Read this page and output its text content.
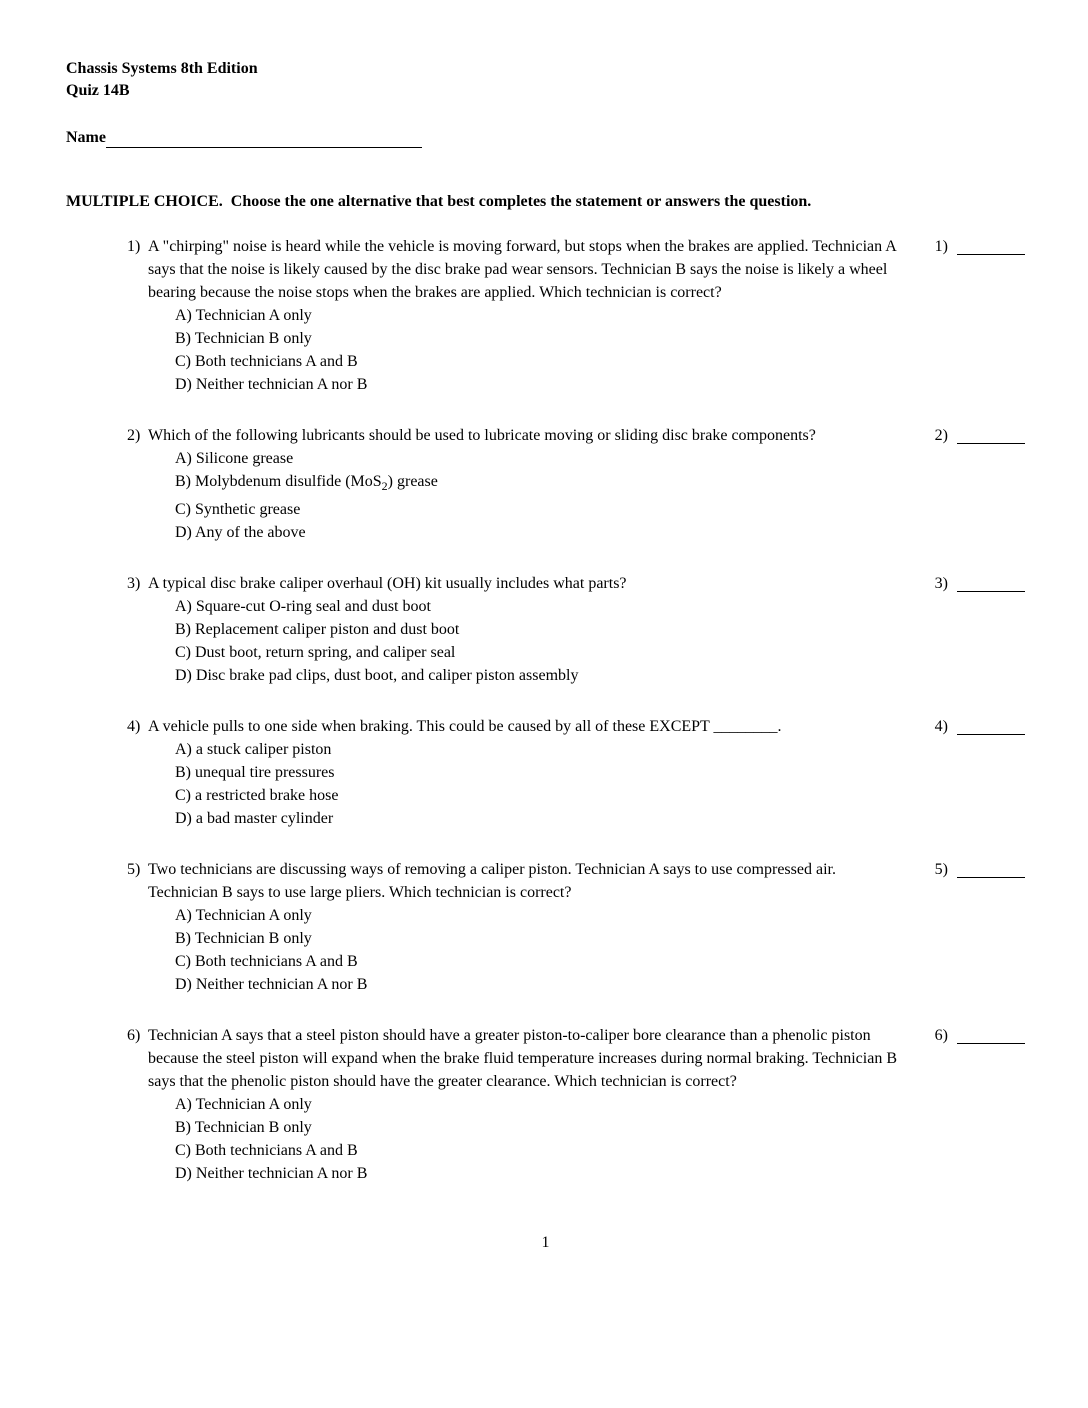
Chassis Systems 8th Edition
Quiz 14B
Name
MULTIPLE CHOICE.  Choose the one alternative that best completes the statement or answers the question.
1) A "chirping" noise is heard while the vehicle is moving forward, but stops when the brakes are applied. Technician A says that the noise is likely caused by the disc brake pad wear sensors. Technician B says the noise is likely a wheel bearing because the noise stops when the brakes are applied. Which technician is correct?
A) Technician A only
B) Technician B only
C) Both technicians A and B
D) Neither technician A nor B
1)
2) Which of the following lubricants should be used to lubricate moving or sliding disc brake components?
A) Silicone grease
B) Molybdenum disulfide (MoS$_2$) grease
C) Synthetic grease
D) Any of the above
2)
3) A typical disc brake caliper overhaul (OH) kit usually includes what parts?
A) Square-cut O-ring seal and dust boot
B) Replacement caliper piston and dust boot
C) Dust boot, return spring, and caliper seal
D) Disc brake pad clips, dust boot, and caliper piston assembly
3)
4) A vehicle pulls to one side when braking. This could be caused by all of these EXCEPT ________.
A) a stuck caliper piston
B) unequal tire pressures
C) a restricted brake hose
D) a bad master cylinder
4)
5) Two technicians are discussing ways of removing a caliper piston. Technician A says to use compressed air. Technician B says to use large pliers. Which technician is correct?
A) Technician A only
B) Technician B only
C) Both technicians A and B
D) Neither technician A nor B
5)
6) Technician A says that a steel piston should have a greater piston-to-caliper bore clearance than a phenolic piston because the steel piston will expand when the brake fluid temperature increases during normal braking. Technician B says that the phenolic piston should have the greater clearance. Which technician is correct?
A) Technician A only
B) Technician B only
C) Both technicians A and B
D) Neither technician A nor B
6)
1
